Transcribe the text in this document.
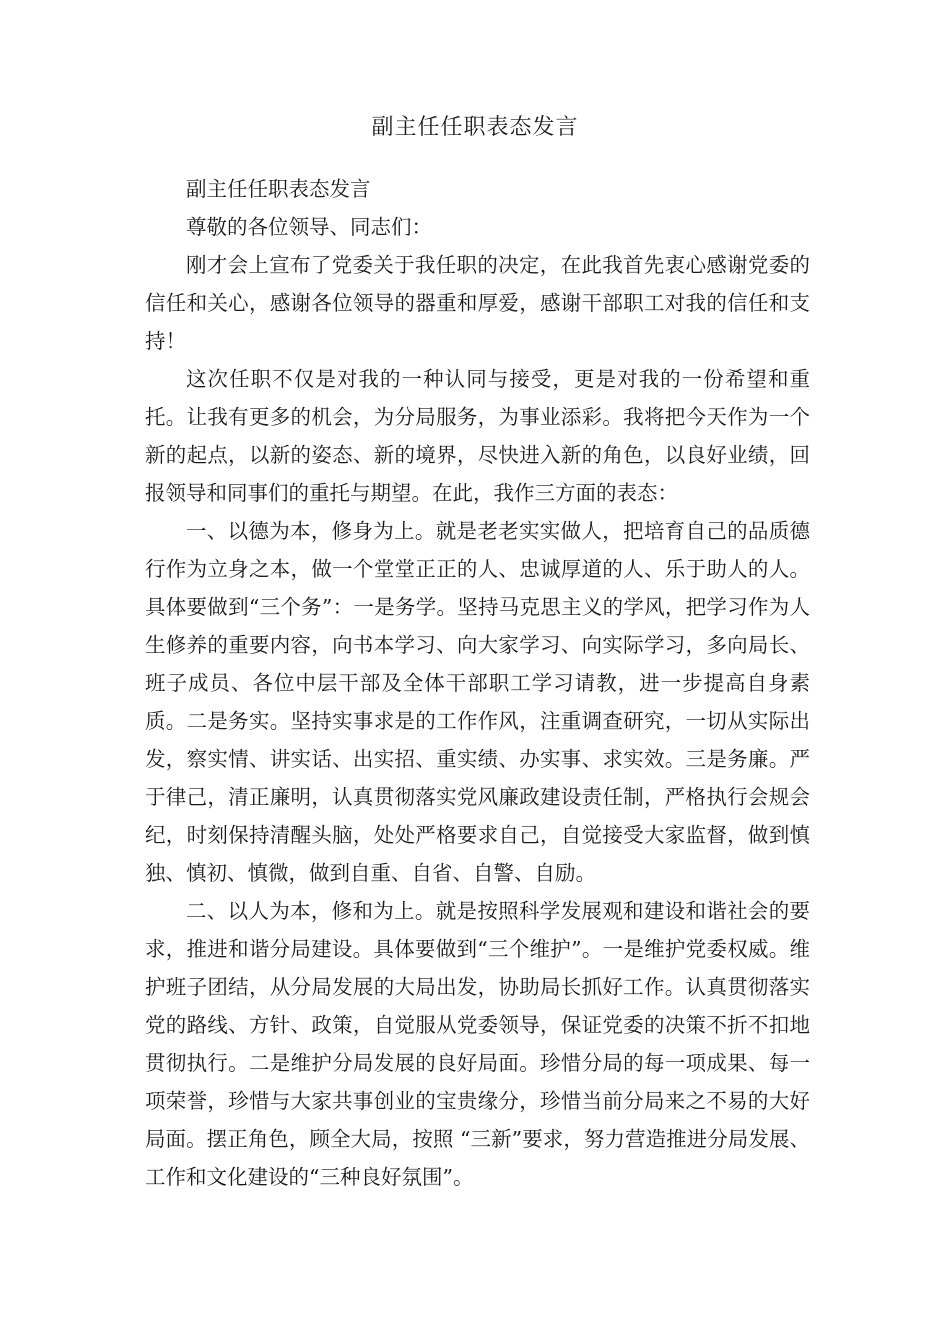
副主任任职表态发言

副主任任职表态发言

尊敬的各位领导、同志们：

刚才会上宣布了党委关于我任职的决定，在此我首先衷心感谢党委的信任和关心，感谢各位领导的器重和厚爱，感谢干部职工对我的信任和支持！

这次任职不仅是对我的一种认同与接受，更是对我的一份希望和重托。让我有更多的机会，为分局服务，为事业添彩。我将把今天作为一个新的起点，以新的姿态、新的境界，尽快进入新的角色，以良好业绩，回报领导和同事们的重托与期望。在此，我作三方面的表态：

一、以德为本，修身为上。就是老老实实做人，把培育自己的品质德行作为立身之本，做一个堂堂正正的人、忠诚厚道的人、乐于助人的人。具体要做到“三个务”：一是务学。坚持马克思主义的学风，把学习作为人生修养的重要内容，向书本学习、向大家学习、向实际学习，多向局长、班子成员、各位中层干部及全体干部职工学习请教，进一步提高自身素质。二是务实。坚持实事求是的工作作风，注重调查研究，一切从实际出发，察实情、讲实话、出实招、重实绩、办实事、求实效。三是务廉。严于律己，清正廉明，认真贯彻落实党风廉政建设责任制，严格执行会规会纪，时刻保持清醒头脑，处处严格要求自己，自觉接受大家监督，做到慎独、慎初、慎微，做到自重、自省、自警、自励。

二、以人为本，修和为上。就是按照科学发展观和建设和谐社会的要求，推进和谐分局建设。具体要做到“三个维护”。一是维护党委权威。维护班子团结，从分局发展的大局出发，协助局长抓好工作。认真贯彻落实党的路线、方针、政策，自觉服从党委领导，保证党委的决策不折不扣地贯彻执行。二是维护分局发展的良好局面。珍惜分局的每一项成果、每一项荣誉，珍惜与大家共事创业的宝贵缘分，珍惜当前分局来之不易的大好局面。摆正角色，顾全大局，按照 “三新”要求，努力营造推进分局发展、工作和文化建设的“三种良好氛围”。
